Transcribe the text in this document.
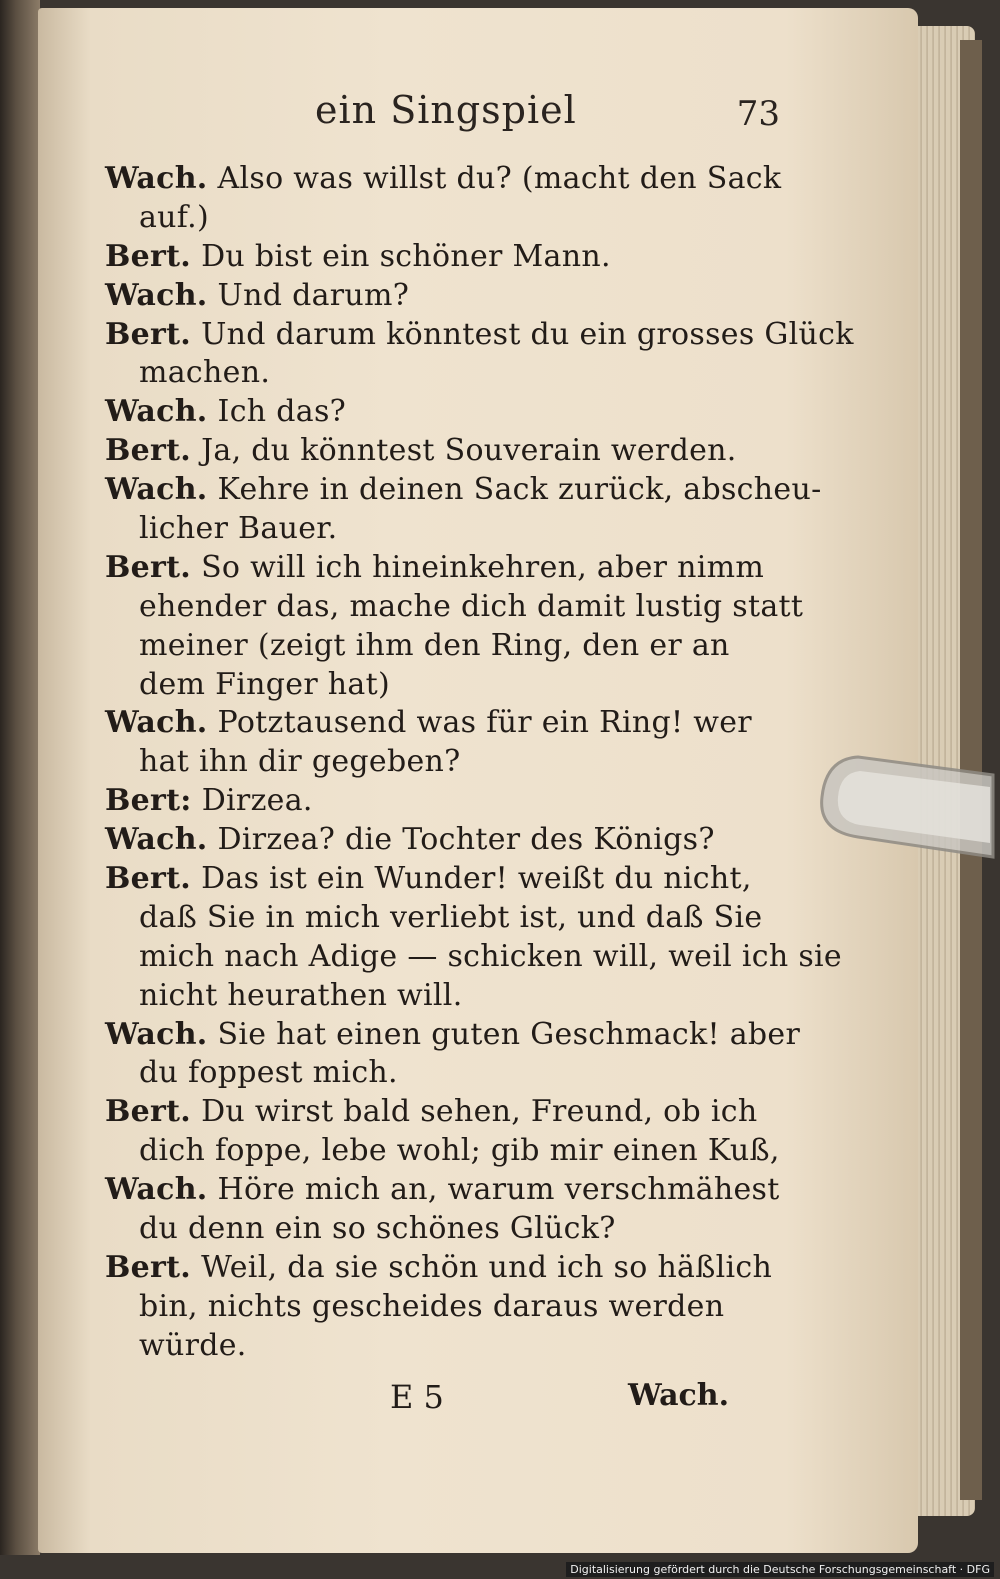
ein Singspiel	73
Wach. Also was willst du? (macht den Sack
auf.)
Bert. Du bist ein schöner Mann.
Wach. Und darum?
Bert. Und darum könntest du ein grosses Glück
machen.
Wach. Ich das?
Bert. Ja, du könntest Souverain werden.
Wach. Kehre in deinen Sack zurück, abscheu-
licher Bauer.
Bert. So will ich hineinkehren, aber nimm
ehender das, mache dich damit lustig statt
meiner (zeigt ihm den Ring, den er an
dem Finger hat)
Wach. Potztausend was für ein Ring! wer
hat ihn dir gegeben?
Bert: Dirzea.
Wach. Dirzea? die Tochter des Königs?
Bert. Das ist ein Wunder! weißt du nicht,
daß Sie in mich verliebt ist, und daß Sie
mich nach Adige — schicken will, weil ich sie
nicht heurathen will.
Wach. Sie hat einen guten Geschmack! aber
du foppest mich.
Bert. Du wirst bald sehen, Freund, ob ich
dich foppe, lebe wohl; gib mir einen Kuß,
Wach. Höre mich an, warum verschmähest
du denn ein so schönes Glück?
Bert. Weil, da sie schön und ich so häßlich
bin, nichts gescheides daraus werden
würde.
E 5	Wach.
Digitalisierung gefördert durch die Deutsche Forschungsgemeinschaft · DFG
